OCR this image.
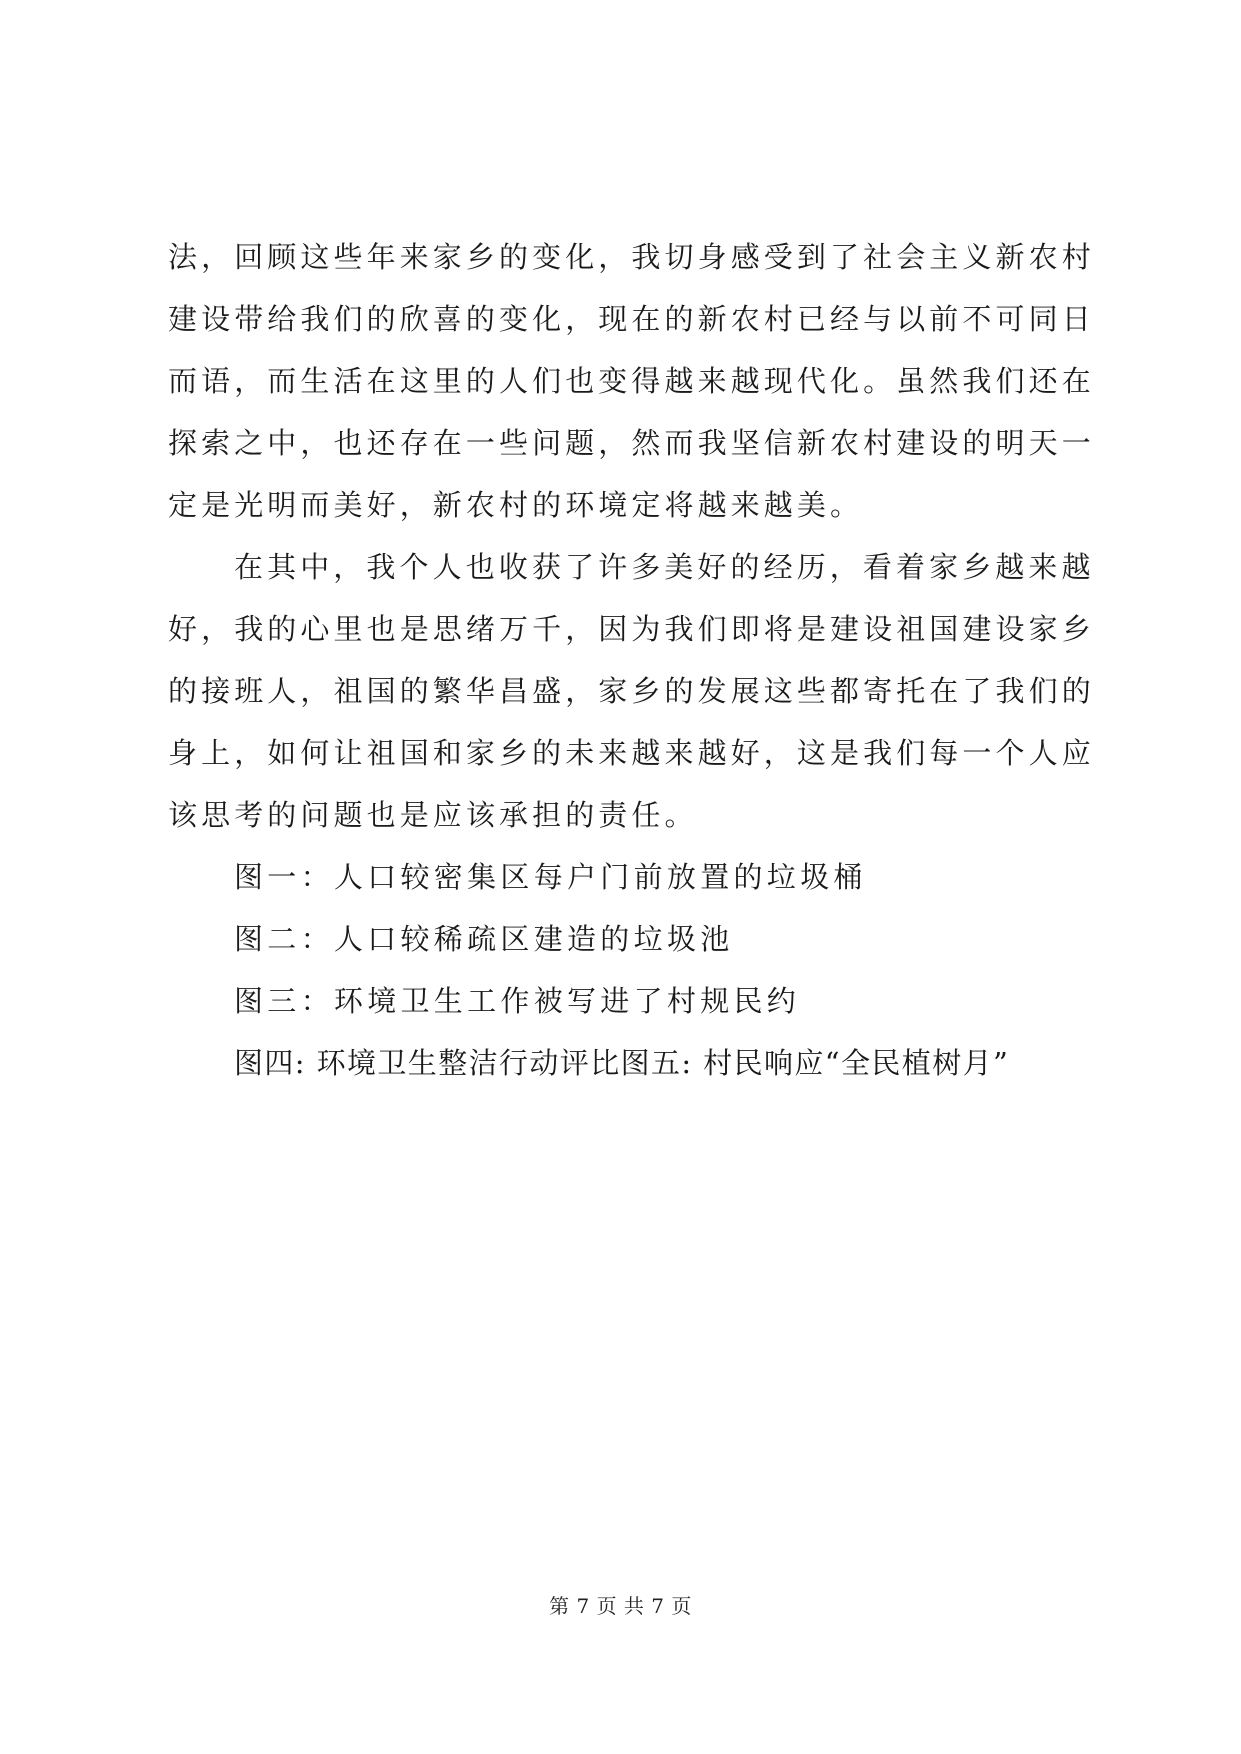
法，回顾这些年来家乡的变化，我切身感受到了社会主义新农村
建设带给我们的欣喜的变化，现在的新农村已经与以前不可同日
而语，而生活在这里的人们也变得越来越现代化。虽然我们还在
探索之中，也还存在一些问题，然而我坚信新农村建设的明天一
定是光明而美好，新农村的环境定将越来越美。
在其中，我个人也收获了许多美好的经历，看着家乡越来越
好，我的心里也是思绪万千，因为我们即将是建设祖国建设家乡
的接班人，祖国的繁华昌盛，家乡的发展这些都寄托在了我们的
身上，如何让祖国和家乡的未来越来越好，这是我们每一个人应
该思考的问题也是应该承担的责任。
图一：人口较密集区每户门前放置的垃圾桶
图二：人口较稀疏区建造的垃圾池
图三：环境卫生工作被写进了村规民约
图四: 环境卫生整洁行动评比图五: 村民响应“全民植树月”
第 7 页 共 7 页
